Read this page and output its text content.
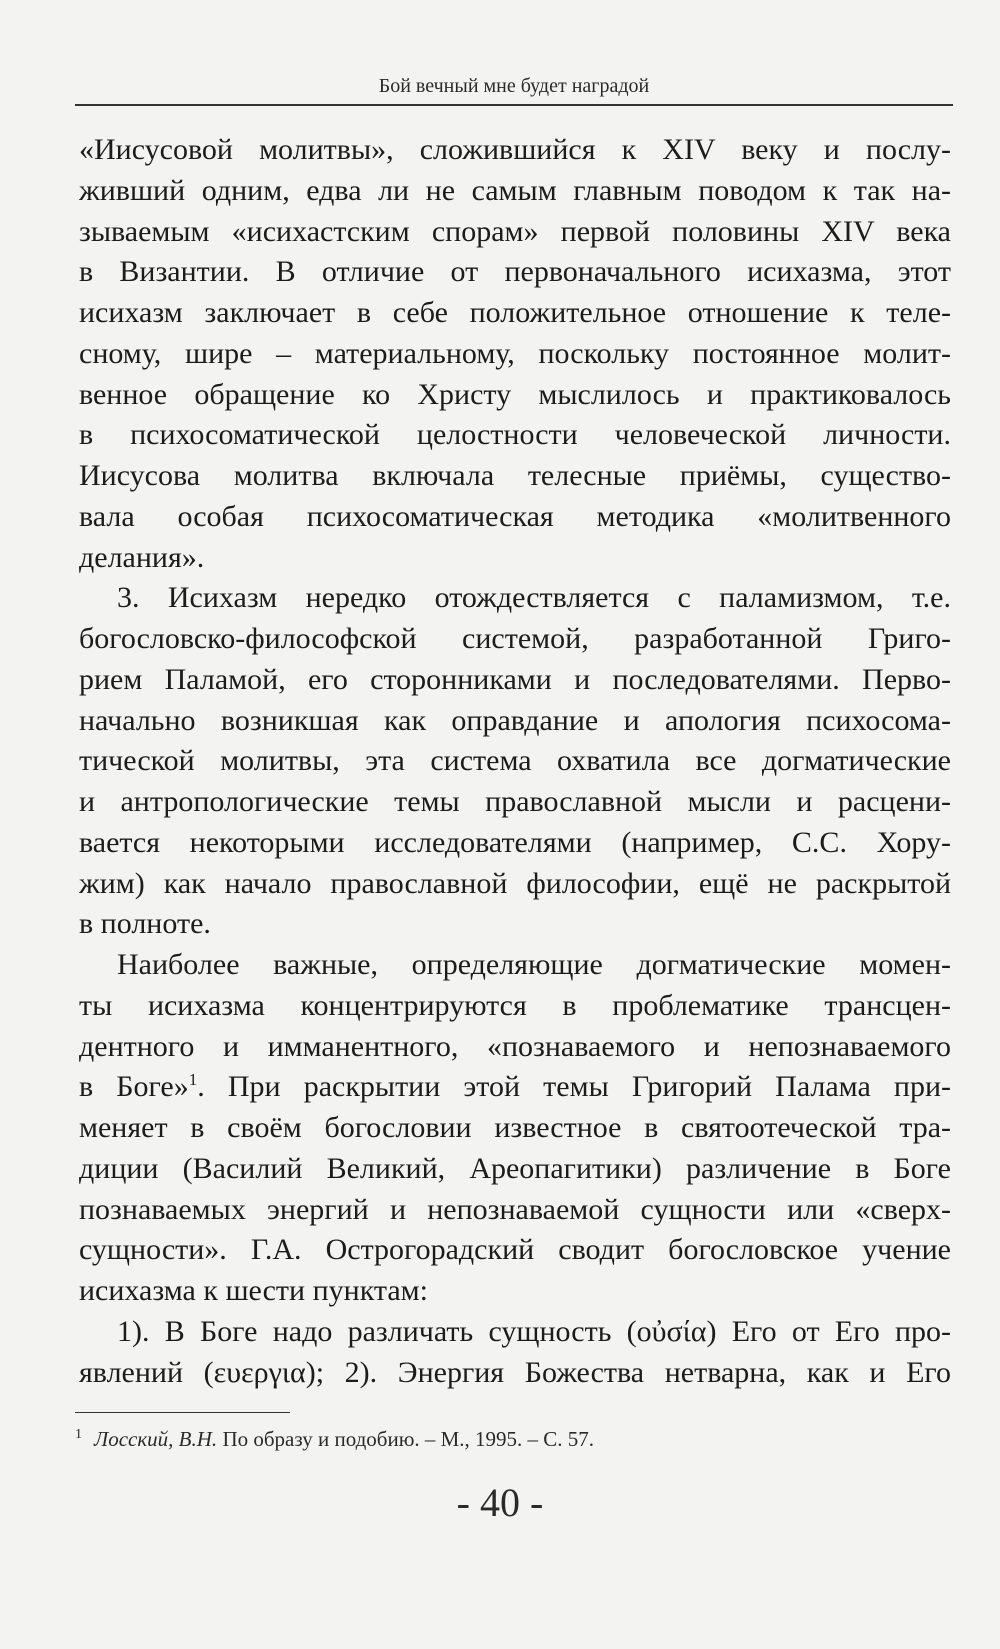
Бой вечный мне будет наградой
«Иисусовой молитвы», сложившийся к XIV веку и послу-
живший одним, едва ли не самым главным поводом к так на-
зываемым «исихастским спорам» первой половины XIV века
в Византии. В отличие от первоначального исихазма, этот
исихазм заключает в себе положительное отношение к теле-
сному, шире – материальному, поскольку постоянное молит-
венное обращение ко Христу мыслилось и практиковалось
в психосоматической целостности человеческой личности.
Иисусова молитва включала телесные приёмы, существо-
вала особая психосоматическая методика «молитвенного
делания».
3. Исихазм нередко отождествляется с паламизмом, т.е.
богословско-философской системой, разработанной Григо-
рием Паламой, его сторонниками и последователями. Перво-
начально возникшая как оправдание и апология психосома-
тической молитвы, эта система охватила все догматические
и антропологические темы православной мысли и расцени-
вается некоторыми исследователями (например, С.С. Хору-
жим) как начало православной философии, ещё не раскрытой
в полноте.
Наиболее важные, определяющие догматические момен-
ты исихазма концентрируются в проблематике трансцен-
дентного и имманентного, «познаваемого и непознаваемого
в Боге»$^1$. При раскрытии этой темы Григорий Палама при-
меняет в своём богословии известное в святоотеческой тра-
диции (Василий Великий, Ареопагитики) различение в Боге
познаваемых энергий и непознаваемой сущности или «сверх-
сущности». Г.А. Острогорадский сводит богословское учение
исихазма к шести пунктам:
1). В Боге надо различать сущность (οὐσία) Его от Его про-
явлений (ευεργια); 2). Энергия Божества нетварна, как и Его
$^1$ Лосский, В.Н. По образу и подобию. – М., 1995. – С. 57.
- 40 -
